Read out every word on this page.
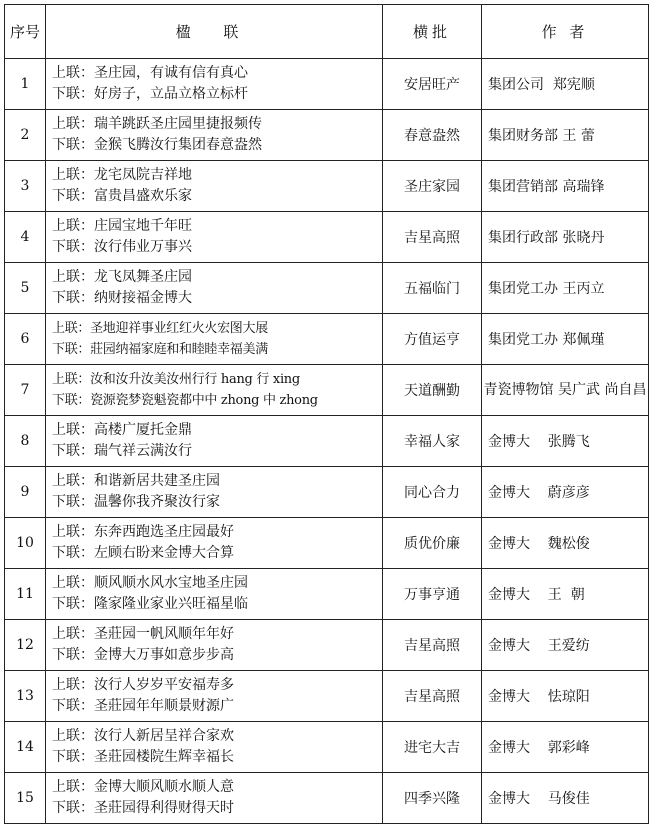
序号	楹 联	横批	作 者
1	上联：圣庄园，有诚有信有真心
下联：好房子，立品立格立标杆	安居旺产	集团公司  郑宪顺
2	上联：瑞羊跳跃圣庄园里捷报频传
下联：金猴飞腾汝行集团春意盎然	春意盎然	集团财务部 王 蕾
3	上联：龙宅凤院吉祥地
下联：富贵昌盛欢乐家	圣庄家园	集团营销部 高瑞锋
4	上联：庄园宝地千年旺
下联：汝行伟业万事兴	吉星高照	集团行政部 张晓丹
5	上联：龙飞凤舞圣庄园
下联：纳财接福金博大	五福临门	集团党工办 王丙立
6	上联：圣地迎祥事业红红火火宏图大展
下联：莊园纳福家庭和和睦睦幸福美满	方值运亨	集团党工办 郑佩瑾
7	上联：汝和汝升汝美汝州行行 hang 行 xing
下联：瓷源瓷梦瓷魁瓷都中中 zhong 中 zhong	天道酬勤	青瓷博物馆 吴广武 尚自昌
8	上联：高楼广厦托金鼎
下联：瑞气祥云满汝行	幸福人家	金博大    张腾飞
9	上联：和谐新居共建圣庄园
下联：温馨你我齐聚汝行家	同心合力	金博大    蔚彦彦
10	上联：东奔西跑选圣庄园最好
下联：左顾右盼来金博大合算	质优价廉	金博大    魏松俊
11	上联：顺风顺水风水宝地圣庄园
下联：隆家隆业家业兴旺福星临	万事亨通	金博大    王  朝
12	上联：圣莊园一帆风顺年年好
下联：金博大万事如意步步高	吉星高照	金博大    王爱纺
13	上联：汝行人岁岁平安福寿多
下联：圣莊园年年顺景财源广	吉星高照	金博大    怯琼阳
14	上联：汝行人新居呈祥合家欢
下联：圣莊园楼院生辉幸福长	进宅大吉	金博大    郭彩峰
15	上联：金博大顺风顺水顺人意
下联：圣莊园得利得财得天时	四季兴隆	金博大    马俊佳
